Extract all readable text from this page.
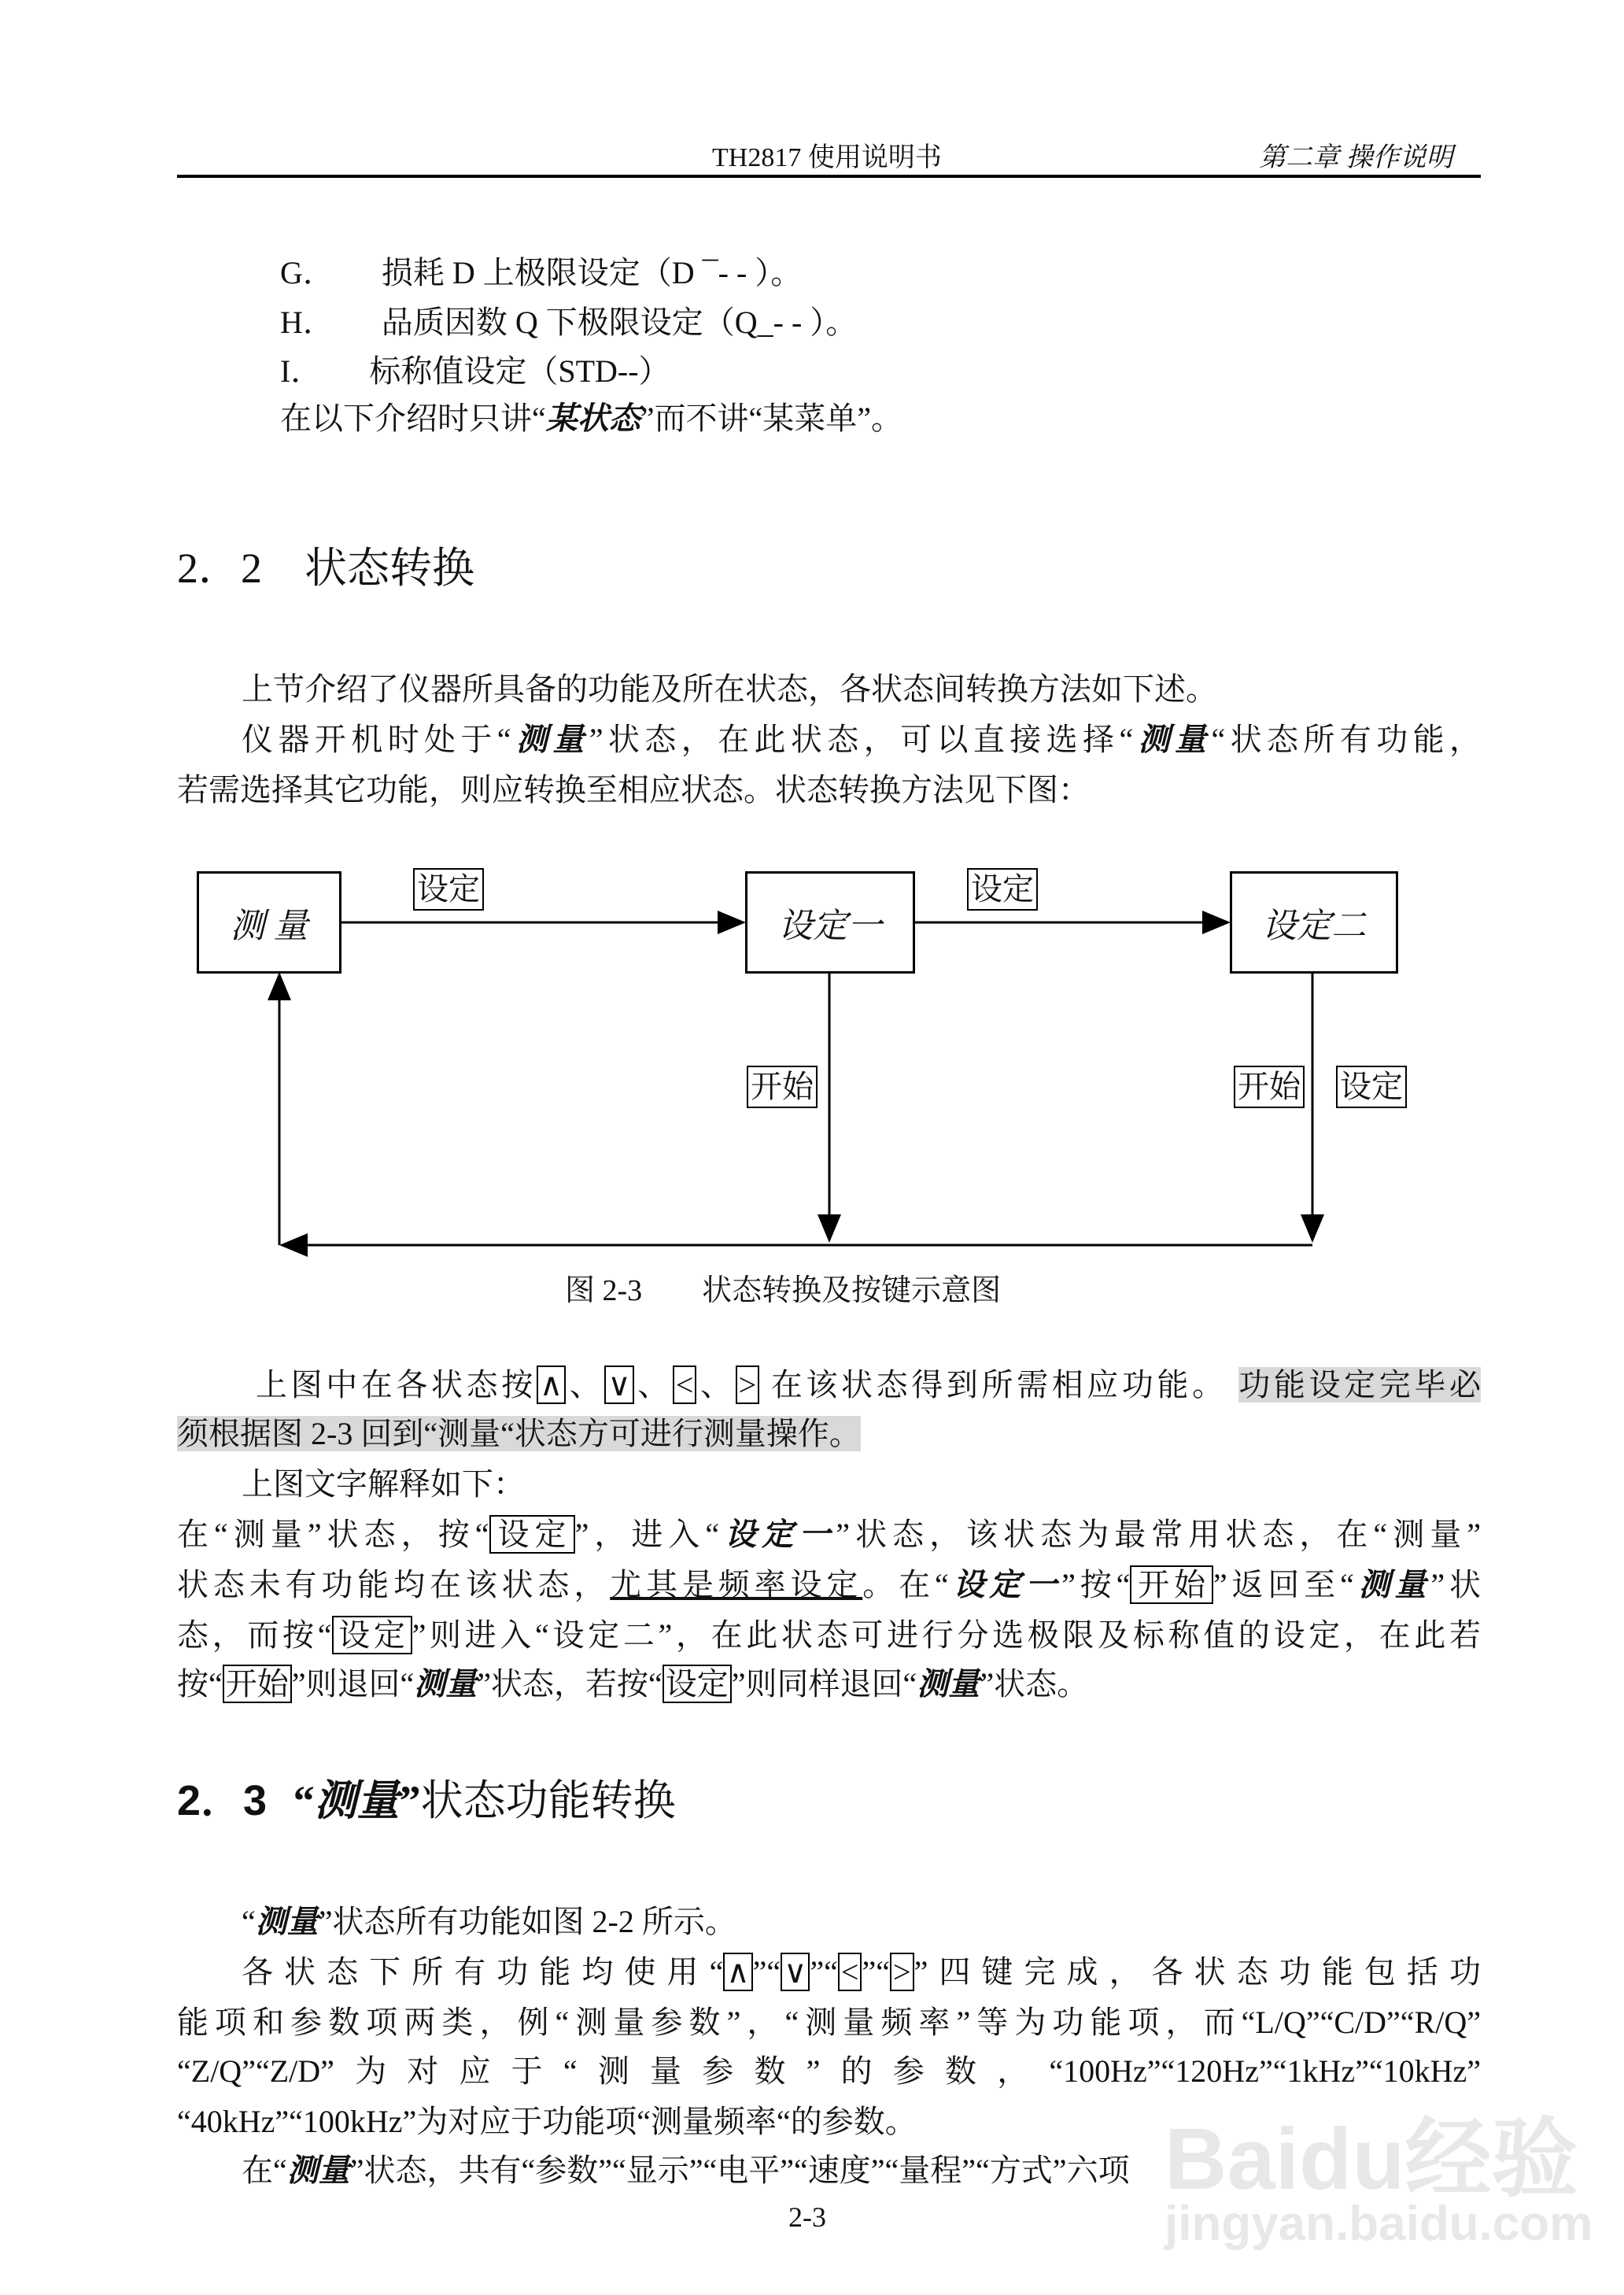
TH2817 使用说明书	第二章 操作说明
G． 损耗 D 上极限设定（D ¯- - ）。
H． 品质因数 Q 下极限设定（Q_- - ）。
I． 标称值设定（STD--）
在以下介绍时只讲“某状态”而不讲“某菜单”。
2．2　状态转换
上节介绍了仪器所具备的功能及所在状态，各状态间转换方法如下述。
仪器开机时处于“测量”状态，在此状态，可以直接选择“测量“状态所有功能，
若需选择其它功能，则应转换至相应状态。状态转换方法见下图：
测 量	设定一	设定二
设定	设定
开始	开始 设定
图 2-3　　状态转换及按键示意图
上图中在各状态按 ∧ 、 ∨ 、 < 、 > 在该状态得到所需相应功能。 功能设定完毕必
须根据图 2-3 回到“测量“状态方可进行测量操作。
上图文字解释如下：
在“测量”状态，按“ 设定 ”，进入“设定一”状态，该状态为最常用状态，在“测量”
状态未有功能均在该状态，尤其是频率设定。在“设定一”按“ 开始 ”返回至“测量”状
态，而按“ 设定 ”则进入“设定二”，在此状态可进行分选极限及标称值的设定，在此若
按“ 开始 ”则退回“测量”状态，若按“ 设定 ”则同样退回“测量”状态。
2．3 “测量”状态功能转换
“测量”状态所有功能如图 2-2 所示。
各状态下所有功能均使用“ ∧ ”“ ∨ ”“ < ”“ > ”四键完成，各状态功能包括功
能项和参数项两类，例“测量参数”，“测量频率”等为功能项，而“L/Q”“C/D”“R/Q”
“Z/Q”“Z/D”为对应于“测量参数”的参数，“100Hz”“120Hz”“1kHz”“10kHz”
“40kHz”“100kHz”为对应于功能项“测量频率“的参数。
在“测量”状态，共有“参数”“显示”“电平”“速度”“量程”“方式”六项
2-3
Baidu经验
jingyan.baidu.com
